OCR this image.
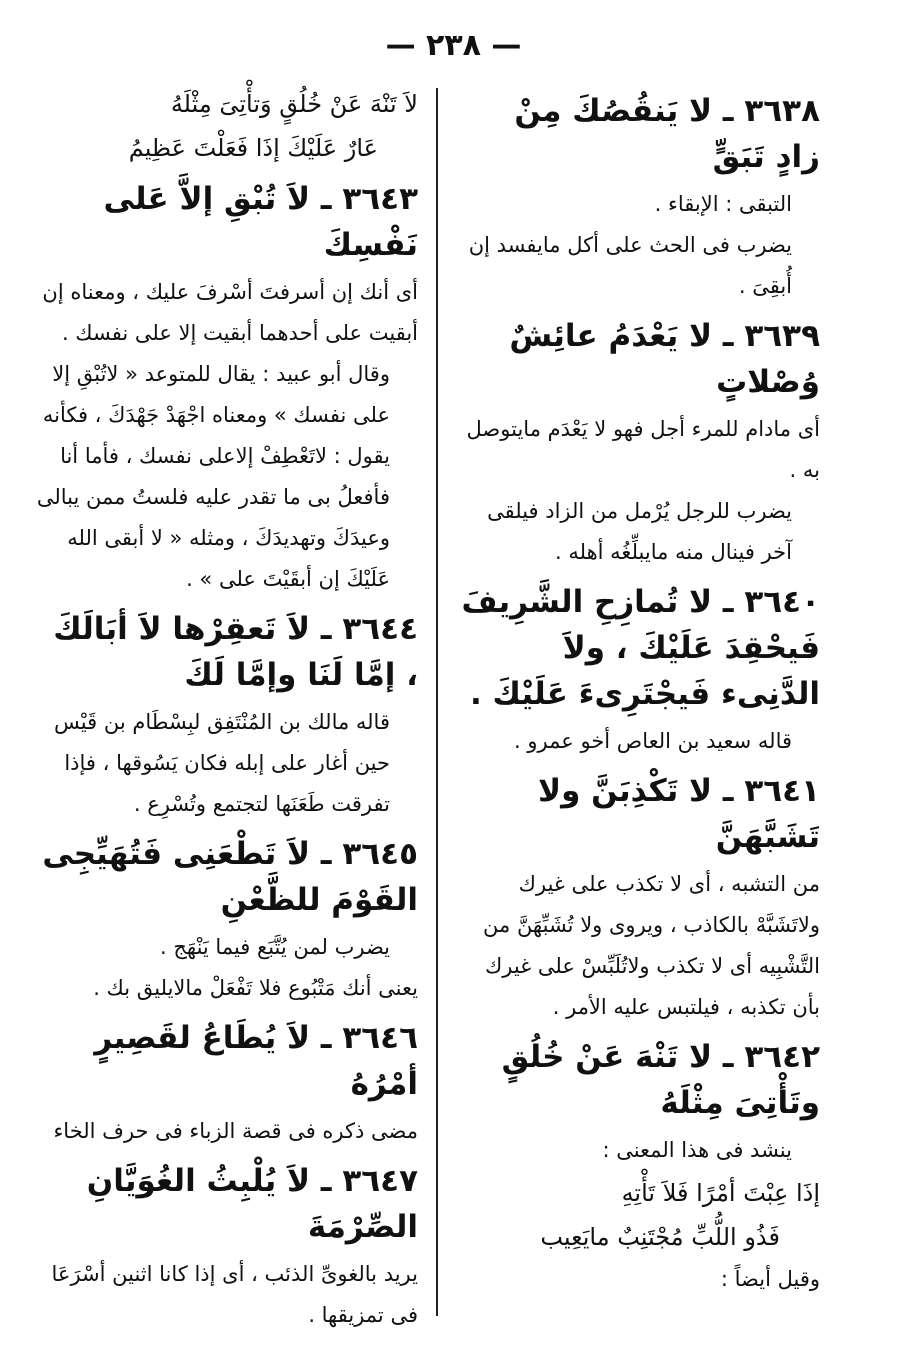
— ٢٣٨ —
٣٦٣٨ ـ لا يَنقُصُكَ مِنْ زادٍ تَبَقٍّ

التبقى : الإبقاء .

يضرب فى الحث على أكل مايفسد إن أُبقِىَ .

٣٦٣٩ ـ لا يَعْدَمُ عائِشٌ وُصْلاتٍ

أى مادام للمرء أجل فهو لا يَعْدَم مايتوصل به .

يضرب للرجل يُرْمل من الزاد فيلقى آخر فينال منه مايبلِّغُه أهله .

٣٦٤٠ ـ لا تُمازِحِ الشَّرِيفَ فَيحْقِدَ عَلَيْكَ ، ولاَ الدَّنِىء فَيجْتَرِىءَ عَلَيْكَ .

قاله سعيد بن العاص أخو عمرو .

٣٦٤١ ـ لا تَكْذِبَنَّ ولا تَشَبَّهَنَّ

من التشبه ، أى لا تكذب على غيرك ولاتَشَبَّهْ بالكاذب ، ويروى ولا تُشَبِّهَنَّ من التَّشْبِيه أى لا تكذب ولاتُلَبِّسْ على غيرك بأن تكذبه ، فيلتبس عليه الأمر .

٣٦٤٢ ـ لا تَنْهَ عَنْ خُلُقٍ وتَأْتِىَ مِثْلَهُ

ينشد فى هذا المعنى :

إذَا عِبْتَ أمْرًا فَلاَ تَأْتِهِ

فَذُو اللُّبِّ مُجْتَنِبٌ مايَعِيب

وقيل أيضاً :

لاَ تَنْهَ عَنْ خُلُقٍ وَتأْتِىَ مِثْلَهُ

عَارٌ عَلَيْكَ إذَا فَعَلْتَ عَظِيمُ

٣٦٤٣ ـ لاَ تُبْقِ إلاَّ عَلى نَفْسِكَ

أى أنك إن أسرفتَ أسْرفَ عليك ، ومعناه إن أبقيت على أحدهما أبقيت إلا على نفسك .

وقال أبو عبيد : يقال للمتوعد « لاتُبْقِ إلا على نفسك » ومعناه اجْهَدْ جَهْدَكَ ، فكأنه يقول : لاتَعْطِفْ إلاعلى نفسك ، فأما أنا فأفعلُ بى ما تقدر عليه فلستُ ممن يبالى وعيدَكَ وتهديدَكَ ، ومثله « لا أبقى الله عَلَيْكَ إن أبقَيْتَ على » .

٣٦٤٤ ـ لاَ تَعقِرْها لاَ أبَالَكَ ، إمَّا لَنَا وإمَّا لَكَ

قاله مالك بن المُنْتَفِق لبِسْطَام بن قَيْس حين أغار على إبله فكان يَسُوقها ، فإذا تفرقت طَعَنَها لتجتمع وتُسْرِع .

٣٦٤٥ ـ لاَ تَطْعَنِى فَتُهَيِّجِى القَوْمَ للظَّعْنِ

يضرب لمن يُتَّبَع فيما يَنْهَج .

يعنى أنك مَتْبُوع فلا تَفْعَلْ مالايليق بك .

٣٦٤٦ ـ لاَ يُطَاعُ لقَصِيرٍ أمْرُهُ

مضى ذكره فى قصة الزباء فى حرف الخاء

٣٦٤٧ ـ لاَ يُلْبِثُ الغُوَيَّانِ الصِّرْمَةَ

يريد بالغوىِّ الذئب ، أى إذا كانا اثنين أسْرَعَا فى تمزيقها .
